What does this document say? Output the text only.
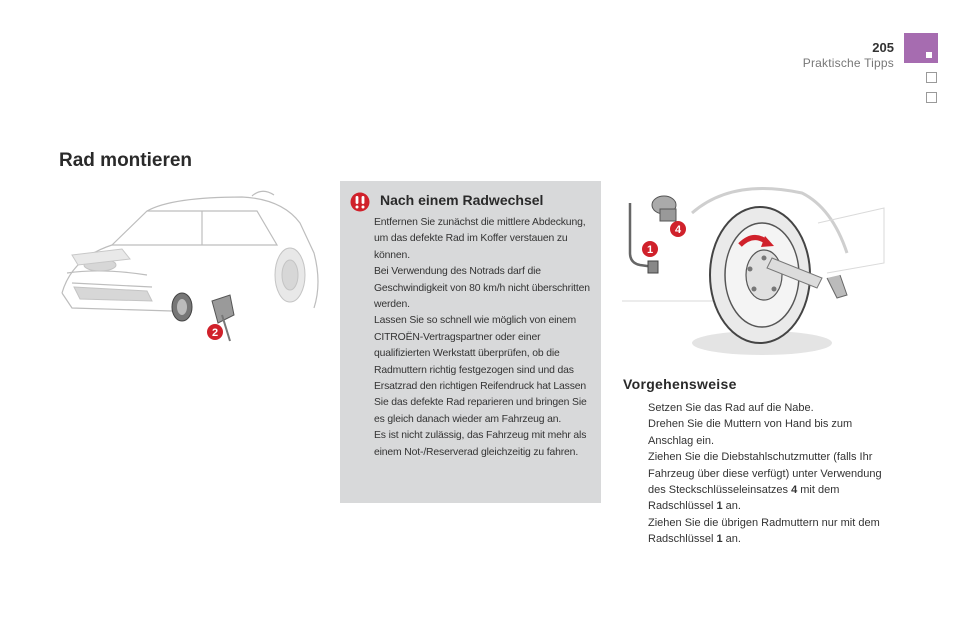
205
Praktische Tipps
Rad montieren
2
Nach einem Radwechsel
Entfernen Sie zunächst die mittlere Abdeckung, um das defekte Rad im Koffer verstauen zu können.
Bei Verwendung des Notrads darf die Geschwindigkeit von 80 km/h nicht überschritten werden.
Lassen Sie so schnell wie möglich von einem CITROËN-Vertragspartner oder einer qualifizierten Werkstatt überprüfen, ob die Radmuttern richtig festgezogen sind und das Ersatzrad den richtigen Reifendruck hat Lassen Sie das defekte Rad reparieren und bringen Sie es gleich danach wieder am Fahrzeug an.
Es ist nicht zulässig, das Fahrzeug mit mehr als einem Not-/Reserverad gleichzeitig zu fahren.
1
4
Vorgehensweise
Setzen Sie das Rad auf die Nabe.
Drehen Sie die Muttern von Hand bis zum Anschlag ein.
Ziehen Sie die Diebstahlschutzmutter (falls Ihr Fahrzeug über diese verfügt) unter Verwendung des Steckschlüsseleinsatzes 4 mit dem Radschlüssel 1 an.
Ziehen Sie die übrigen Radmuttern nur mit dem Radschlüssel 1 an.
